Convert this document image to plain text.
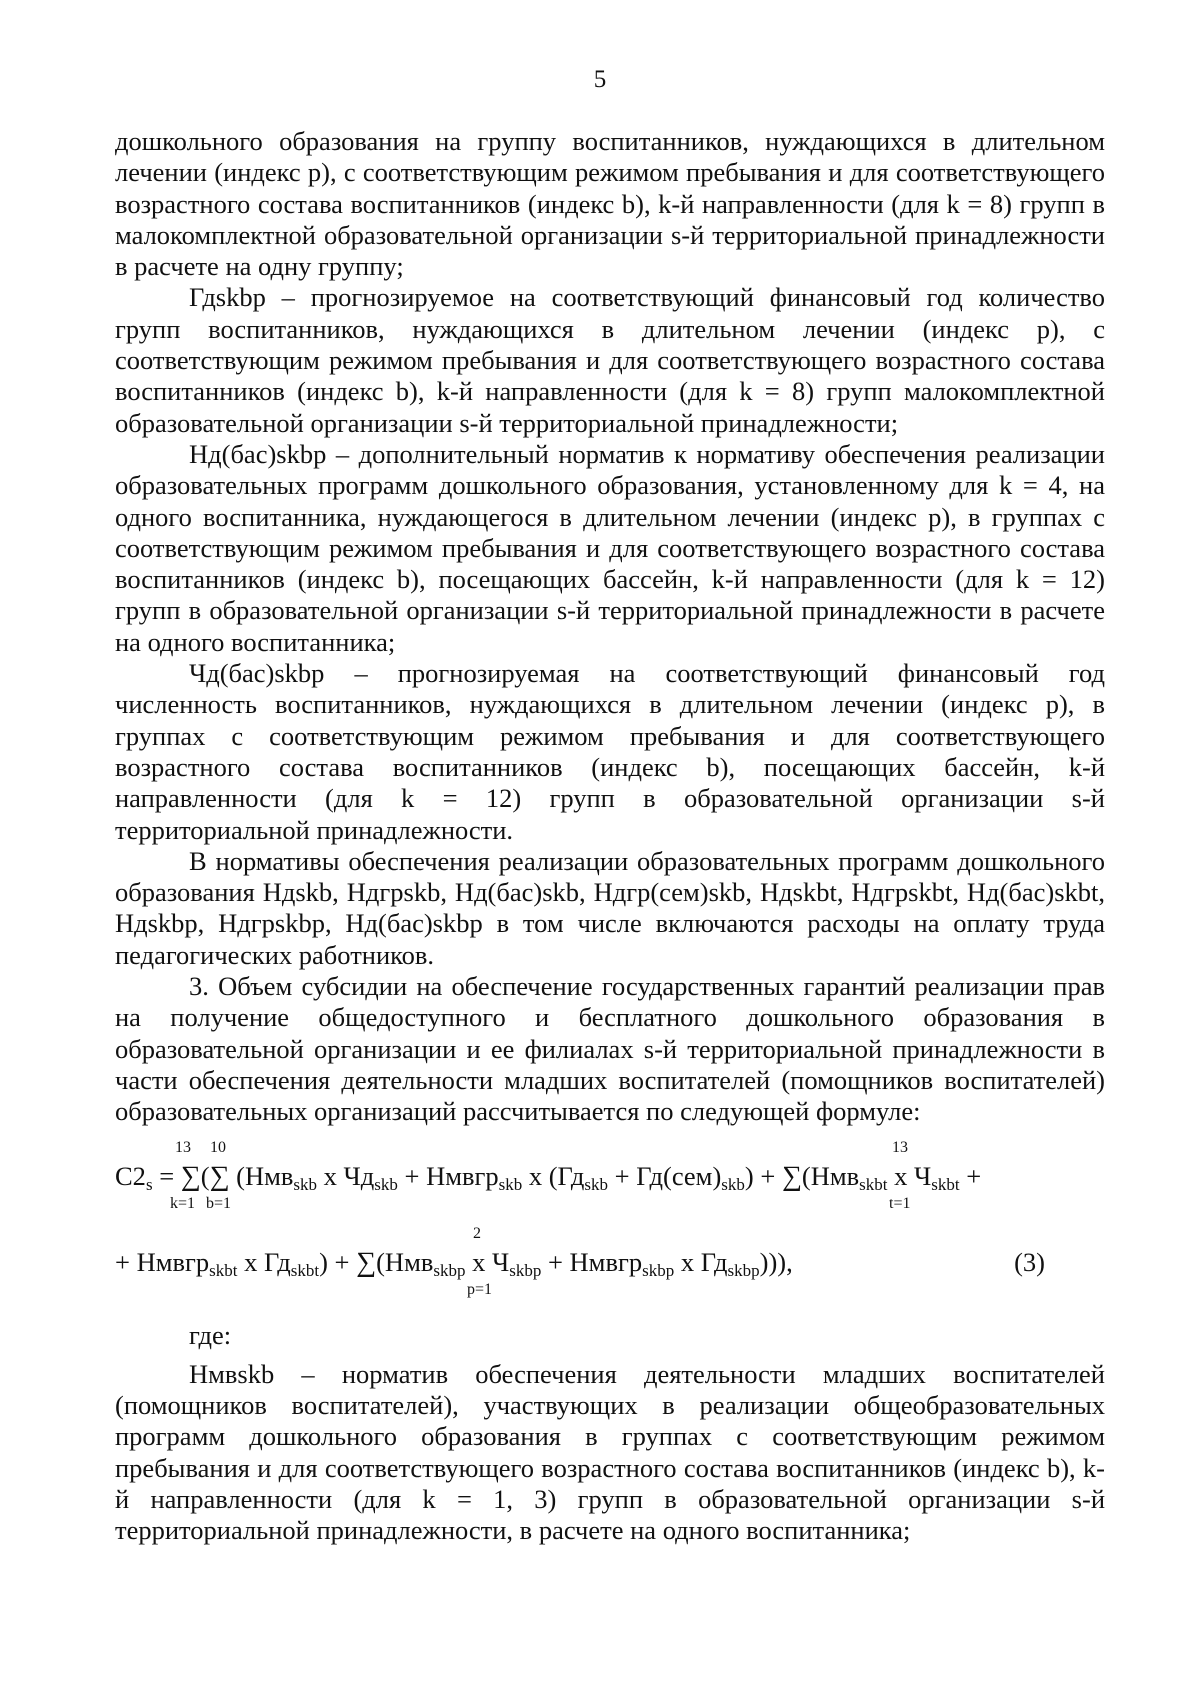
5

дошкольного образования на группу воспитанников, нуждающихся в длительном лечении (индекс р), с соответствующим режимом пребывания и для соответствующего возрастного состава воспитанников (индекс b), k-й направленности (для k = 8) групп в малокомплектной образовательной организации s-й территориальной принадлежности в расчете на одну группу;

Гдskbp – прогнозируемое на соответствующий финансовый год количество групп воспитанников, нуждающихся в длительном лечении (индекс р), с соответствующим режимом пребывания и для соответствующего возрастного состава воспитанников (индекс b), k-й направленности (для k = 8) групп малокомплектной образовательной организации s-й территориальной принадлежности;

Нд(бас)skbp – дополнительный норматив к нормативу обеспечения реализации образовательных программ дошкольного образования, установленному для k = 4, на одного воспитанника, нуждающегося в длительном лечении (индекс р), в группах с соответствующим режимом пребывания и для соответствующего возрастного состава воспитанников (индекс b), посещающих бассейн, k-й направленности (для k = 12) групп в образовательной организации s-й территориальной принадлежности в расчете на одного воспитанника;

Чд(бас)skbp – прогнозируемая на соответствующий финансовый год численность воспитанников, нуждающихся в длительном лечении (индекс р), в группах с соответствующим режимом пребывания и для соответствующего возрастного состава воспитанников (индекс b), посещающих бассейн, k-й направленности (для k = 12) групп в образовательной организации s-й территориальной принадлежности.

В нормативы обеспечения реализации образовательных программ дошкольного образования Ндskb, Ндгрskb, Нд(бас)skb, Ндгр(сем)skb, Ндskbt, Ндгрskbt, Нд(бас)skbt, Ндskbp, Ндгрskbp, Нд(бас)skbp в том числе включаются расходы на оплату труда педагогических работников.

3. Объем субсидии на обеспечение государственных гарантий реализации прав на получение общедоступного и бесплатного дошкольного образования в образовательной организации и ее филиалах s-й территориальной принадлежности в части обеспечения деятельности младших воспитателей (помощников воспитателей) образовательных организаций рассчитывается по следующей формуле:

13 10
k=1 b=1
13
t=1
$C2_s$ = ∑(∑ (Нмв$_{skb}$ х $Чд_{skb}$ + Нмвгр$_{skb}$ х $(Гд_{skb} + Гд(сем)_{skb}) + \sum(Нмв_{skbt}$ х $Ч_{skbt}$ +
2
p=1
+ Нмвгр$_{skbt}$ х $Гд_{skbt}) + \sum(Нмв_{skbp}$ х $Ч_{skbp}$ + Нмвгр$_{skbp}$ х $Гд_{skbp}$))),	(3)

где:

Нмвskb – норматив обеспечения деятельности младших воспитателей (помощников воспитателей), участвующих в реализации общеобразовательных программ дошкольного образования в группах с соответствующим режимом пребывания и для соответствующего возрастного состава воспитанников (индекс b), k-й направленности (для k = 1, 3) групп в образовательной организации s-й территориальной принадлежности, в расчете на одного воспитанника;
